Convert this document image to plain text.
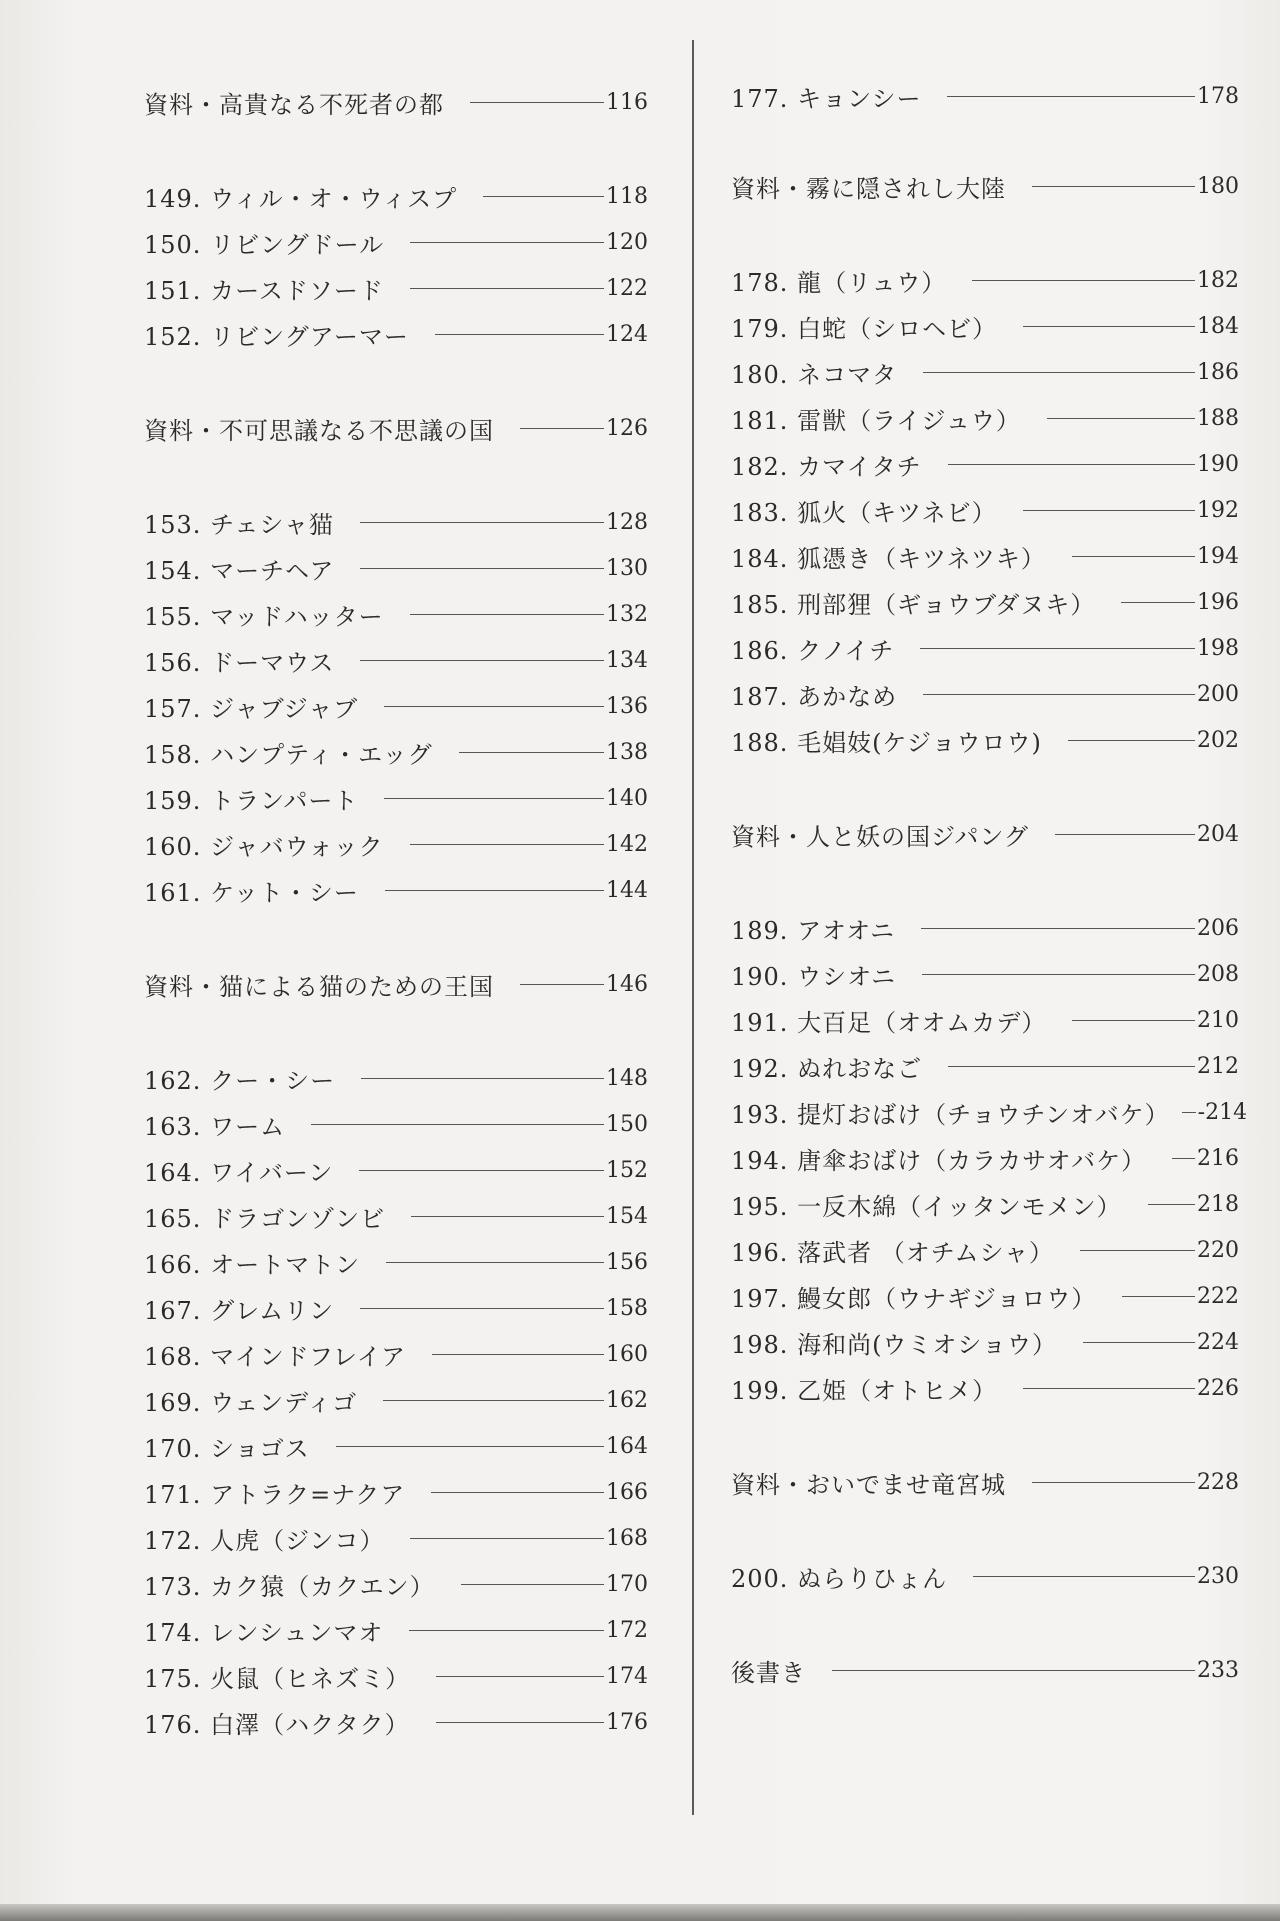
資料・高貴なる不死者の都	116
149. ウィル・オ・ウィスプ	118
150. リビングドール	120
151. カースドソード	122
152. リビングアーマー	124
資料・不可思議なる不思議の国	126
153. チェシャ猫	128
154. マーチヘア	130
155. マッドハッター	132
156. ドーマウス	134
157. ジャブジャブ	136
158. ハンプティ・エッグ	138
159. トランパート	140
160. ジャバウォック	142
161. ケット・シー	144
資料・猫による猫のための王国	146
162. クー・シー	148
163. ワーム	150
164. ワイバーン	152
165. ドラゴンゾンビ	154
166. オートマトン	156
167. グレムリン	158
168. マインドフレイア	160
169. ウェンディゴ	162
170. ショゴス	164
171. アトラク=ナクア	166
172. 人虎（ジンコ）	168
173. カク猿（カクエン）	170
174. レンシュンマオ	172
175. 火鼠（ヒネズミ）	174
176. 白澤（ハクタク）	176
177. キョンシー	178
資料・霧に隠されし大陸	180
178. 龍（リュウ）	182
179. 白蛇（シロヘビ）	184
180. ネコマタ	186
181. 雷獣（ライジュウ）	188
182. カマイタチ	190
183. 狐火（キツネビ）	192
184. 狐憑き（キツネツキ）	194
185. 刑部狸（ギョウブダヌキ）	196
186. クノイチ	198
187. あかなめ	200
188. 毛娼妓(ケジョウロウ)	202
資料・人と妖の国ジパング	204
189. アオオニ	206
190. ウシオニ	208
191. 大百足（オオムカデ）	210
192. ぬれおなご	212
193. 提灯おばけ（チョウチンオバケ） -214
194. 唐傘おばけ（カラカサオバケ） 216
195. 一反木綿（イッタンモメン）	218
196. 落武者 （オチムシャ）	220
197. 鰻女郎（ウナギジョロウ）	222
198. 海和尚(ウミオショウ）	224
199. 乙姫（オトヒメ）	226
資料・おいでませ竜宮城	228
200. ぬらりひょん	230
後書き	233
